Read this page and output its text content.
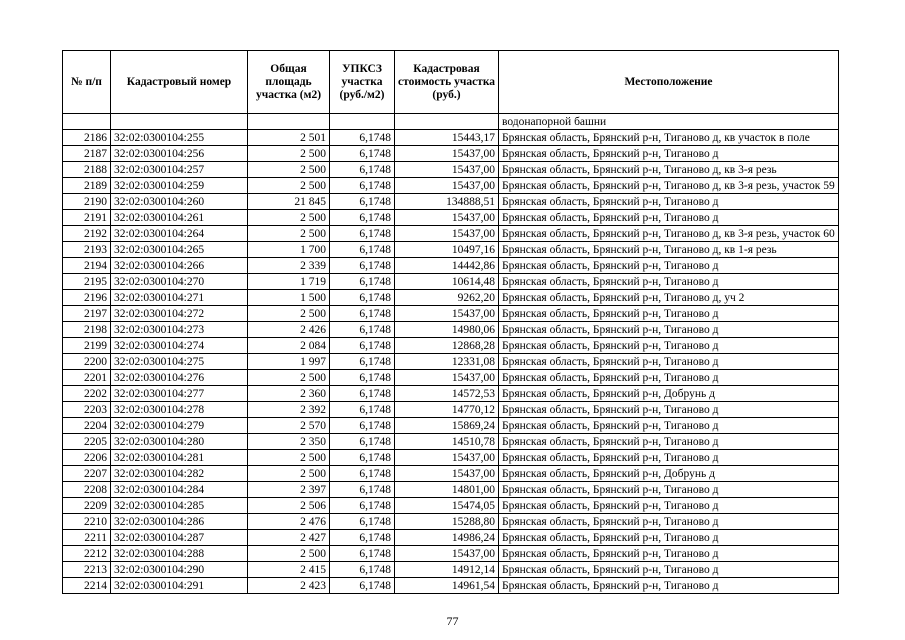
№ п/п	Кадастровый номер	Общая площадь участка (м2)	УПКСЗ участка (руб./м2)	Кадастровая стоимость участка (руб.)	Местоположение
					водонапорной башни
2186	32:02:0300104:255	2 501	6,1748	15443,17	Брянская область, Брянский р-н, Тиганово д, кв участок в поле
2187	32:02:0300104:256	2 500	6,1748	15437,00	Брянская область, Брянский р-н, Тиганово д
2188	32:02:0300104:257	2 500	6,1748	15437,00	Брянская область, Брянский р-н, Тиганово д, кв 3-я резь
2189	32:02:0300104:259	2 500	6,1748	15437,00	Брянская область, Брянский р-н, Тиганово д, кв 3-я резь, участок 59
2190	32:02:0300104:260	21 845	6,1748	134888,51	Брянская область, Брянский р-н, Тиганово д
2191	32:02:0300104:261	2 500	6,1748	15437,00	Брянская область, Брянский р-н, Тиганово д
2192	32:02:0300104:264	2 500	6,1748	15437,00	Брянская область, Брянский р-н, Тиганово д, кв 3-я резь, участок 60
2193	32:02:0300104:265	1 700	6,1748	10497,16	Брянская область, Брянский р-н, Тиганово д, кв 1-я резь
2194	32:02:0300104:266	2 339	6,1748	14442,86	Брянская область, Брянский р-н, Тиганово д
2195	32:02:0300104:270	1 719	6,1748	10614,48	Брянская область, Брянский р-н, Тиганово д
2196	32:02:0300104:271	1 500	6,1748	9262,20	Брянская область, Брянский р-н, Тиганово д, уч 2
2197	32:02:0300104:272	2 500	6,1748	15437,00	Брянская область, Брянский р-н, Тиганово д
2198	32:02:0300104:273	2 426	6,1748	14980,06	Брянская область, Брянский р-н, Тиганово д
2199	32:02:0300104:274	2 084	6,1748	12868,28	Брянская область, Брянский р-н, Тиганово д
2200	32:02:0300104:275	1 997	6,1748	12331,08	Брянская область, Брянский р-н, Тиганово д
2201	32:02:0300104:276	2 500	6,1748	15437,00	Брянская область, Брянский р-н, Тиганово д
2202	32:02:0300104:277	2 360	6,1748	14572,53	Брянская область, Брянский р-н, Добрунь д
2203	32:02:0300104:278	2 392	6,1748	14770,12	Брянская область, Брянский р-н, Тиганово д
2204	32:02:0300104:279	2 570	6,1748	15869,24	Брянская область, Брянский р-н, Тиганово д
2205	32:02:0300104:280	2 350	6,1748	14510,78	Брянская область, Брянский р-н, Тиганово д
2206	32:02:0300104:281	2 500	6,1748	15437,00	Брянская область, Брянский р-н, Тиганово д
2207	32:02:0300104:282	2 500	6,1748	15437,00	Брянская область, Брянский р-н, Добрунь д
2208	32:02:0300104:284	2 397	6,1748	14801,00	Брянская область, Брянский р-н, Тиганово д
2209	32:02:0300104:285	2 506	6,1748	15474,05	Брянская область, Брянский р-н, Тиганово д
2210	32:02:0300104:286	2 476	6,1748	15288,80	Брянская область, Брянский р-н, Тиганово д
2211	32:02:0300104:287	2 427	6,1748	14986,24	Брянская область, Брянский р-н, Тиганово д
2212	32:02:0300104:288	2 500	6,1748	15437,00	Брянская область, Брянский р-н, Тиганово д
2213	32:02:0300104:290	2 415	6,1748	14912,14	Брянская область, Брянский р-н, Тиганово д
2214	32:02:0300104:291	2 423	6,1748	14961,54	Брянская область, Брянский р-н, Тиганово д
77
